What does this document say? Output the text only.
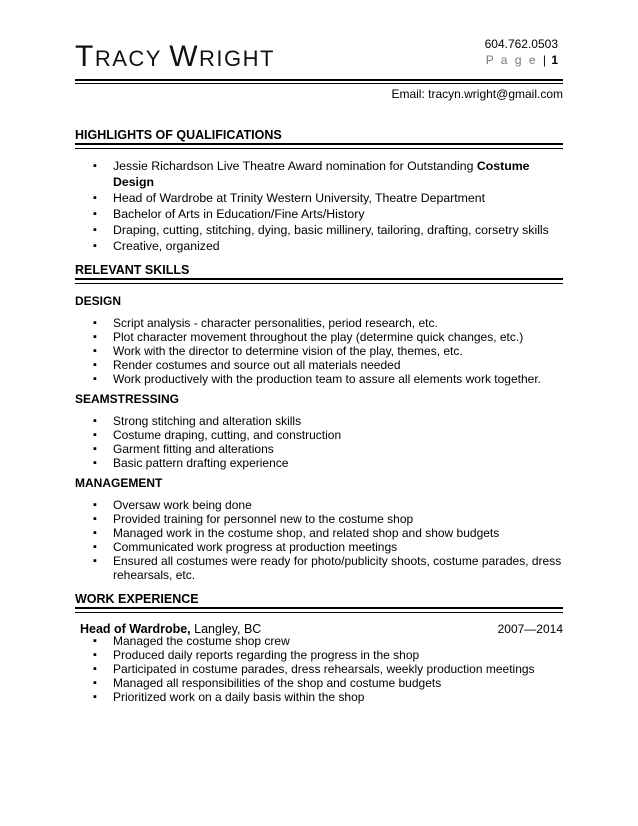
TRACY WRIGHT
604.762.0503
P a g e | 1
Email: tracyn.wright@gmail.com
HIGHLIGHTS OF QUALIFICATIONS
▪ Jessie Richardson Live Theatre Award nomination for Outstanding Costume Design
▪ Head of Wardrobe at Trinity Western University, Theatre Department
▪ Bachelor of Arts in Education/Fine Arts/History
▪ Draping, cutting, stitching, dying, basic millinery, tailoring, drafting, corsetry skills
▪ Creative, organized
RELEVANT SKILLS
DESIGN
▪ Script analysis - character personalities, period research, etc.
▪ Plot character movement throughout the play (determine quick changes, etc.)
▪ Work with the director to determine vision of the play, themes, etc.
▪ Render costumes and source out all materials needed
▪ Work productively with the production team to assure all elements work together.
SEAMSTRESSING
▪ Strong stitching and alteration skills
▪ Costume draping, cutting, and construction
▪ Garment fitting and alterations
▪ Basic pattern drafting experience
MANAGEMENT
▪ Oversaw work being done
▪ Provided training for personnel new to the costume shop
▪ Managed work in the costume shop, and related shop and show budgets
▪ Communicated work progress at production meetings
▪ Ensured all costumes were ready for photo/publicity shoots, costume parades, dress rehearsals, etc.
WORK EXPERIENCE
Head of Wardrobe, Langley, BC	2007—2014
▪ Managed the costume shop crew
▪ Produced daily reports regarding the progress in the shop
▪ Participated in costume parades, dress rehearsals, weekly production meetings
▪ Managed all responsibilities of the shop and costume budgets
▪ Prioritized work on a daily basis within the shop
